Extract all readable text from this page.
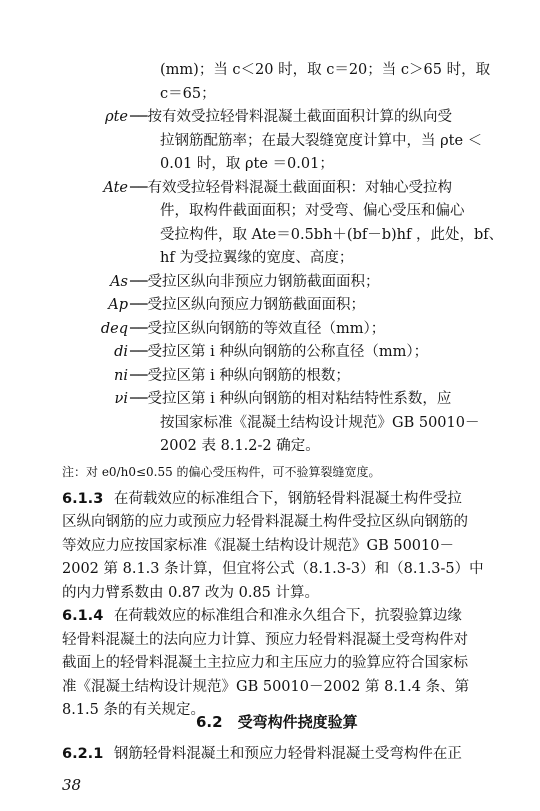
(mm)；当 c＜20 时，取 c＝20；当 c＞65 时，取
c＝65；
ρte ──按有效受拉轻骨料混凝土截面面积计算的纵向受
拉钢筋配筋率；在最大裂缝宽度计算中，当 ρte ＜
0.01 时，取 ρte ＝0.01；
Ate ──有效受拉轻骨料混凝土截面面积：对轴心受拉构
件，取构件截面面积；对受弯、偏心受压和偏心
受拉构件，取 Ate＝0.5bh＋(bf－b)hf ，此处，bf、
hf 为受拉翼缘的宽度、高度；
As ──受拉区纵向非预应力钢筋截面面积；
Ap ──受拉区纵向预应力钢筋截面面积；
deq ──受拉区纵向钢筋的等效直径（mm）；
di ──受拉区第 i 种纵向钢筋的公称直径（mm）；
ni ──受拉区第 i 种纵向钢筋的根数；
νi ──受拉区第 i 种纵向钢筋的相对粘结特性系数，应
按国家标准《混凝土结构设计规范》GB 50010－
2002 表 8.1.2-2 确定。
注：对 e0/h0≤0.55 的偏心受压构件，可不验算裂缝宽度。
6.1.3 在荷载效应的标准组合下，钢筋轻骨料混凝土构件受拉
区纵向钢筋的应力或预应力轻骨料混凝土构件受拉区纵向钢筋的
等效应力应按国家标准《混凝土结构设计规范》GB 50010－
2002 第 8.1.3 条计算，但宜将公式（8.1.3-3）和（8.1.3-5）中
的内力臂系数由 0.87 改为 0.85 计算。
6.1.4 在荷载效应的标准组合和准永久组合下，抗裂验算边缘
轻骨料混凝土的法向应力计算、预应力轻骨料混凝土受弯构件对
截面上的轻骨料混凝土主拉应力和主压应力的验算应符合国家标
准《混凝土结构设计规范》GB 50010－2002 第 8.1.4 条、第
8.1.5 条的有关规定。
6.2　受弯构件挠度验算
6.2.1 钢筋轻骨料混凝土和预应力轻骨料混凝土受弯构件在正
38
